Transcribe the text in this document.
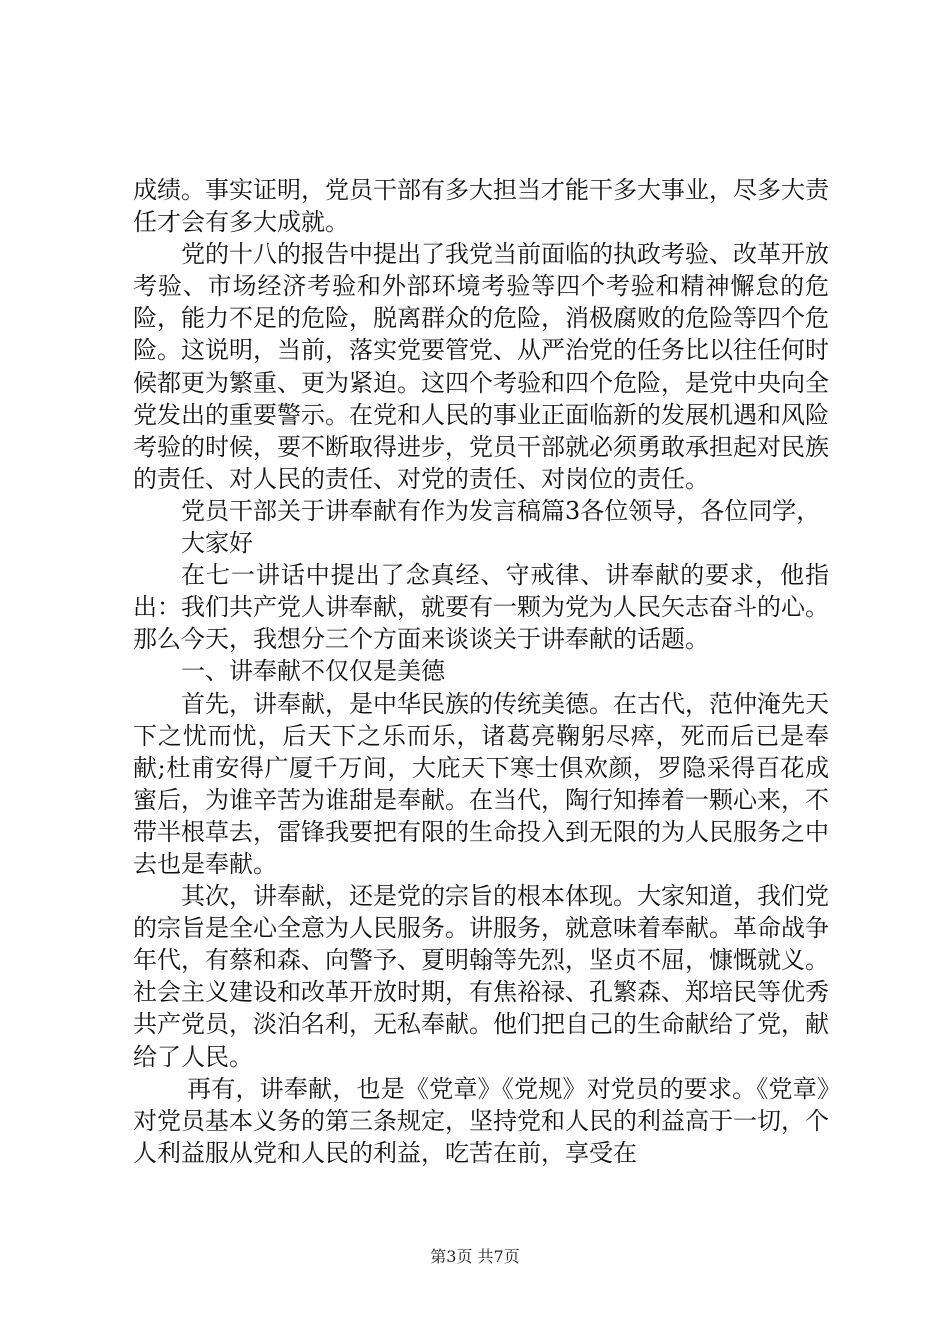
成绩。事实证明，党员干部有多大担当才能干多大事业，尽多大责任才会有多大成就。

党的十八的报告中提出了我党当前面临的执政考验、改革开放考验、市场经济考验和外部环境考验等四个考验和精神懈怠的危险，能力不足的危险，脱离群众的危险，消极腐败的危险等四个危险。这说明，当前，落实党要管党、从严治党的任务比以往任何时候都更为繁重、更为紧迫。这四个考验和四个危险，是党中央向全党发出的重要警示。在党和人民的事业正面临新的发展机遇和风险考验的时候，要不断取得进步，党员干部就必须勇敢承担起对民族的责任、对人民的责任、对党的责任、对岗位的责任。

党员干部关于讲奉献有作为发言稿篇3各位领导，各位同学，

大家好

在七一讲话中提出了念真经、守戒律、讲奉献的要求，他指出：我们共产党人讲奉献，就要有一颗为党为人民矢志奋斗的心。那么今天，我想分三个方面来谈谈关于讲奉献的话题。

一、讲奉献不仅仅是美德

首先，讲奉献，是中华民族的传统美德。在古代，范仲淹先天下之忧而忧，后天下之乐而乐，诸葛亮鞠躬尽瘁，死而后已是奉献;杜甫安得广厦千万间，大庇天下寒士俱欢颜，罗隐采得百花成蜜后，为谁辛苦为谁甜是奉献。在当代，陶行知捧着一颗心来，不带半根草去，雷锋我要把有限的生命投入到无限的为人民服务之中去也是奉献。

其次，讲奉献，还是党的宗旨的根本体现。大家知道，我们党的宗旨是全心全意为人民服务。讲服务，就意味着奉献。革命战争年代，有蔡和森、向警予、夏明翰等先烈，坚贞不屈，慷慨就义。社会主义建设和改革开放时期，有焦裕禄、孔繁森、郑培民等优秀共产党员，淡泊名利，无私奉献。他们把自己的生命献给了党，献给了人民。

再有，讲奉献，也是《党章》《党规》对党员的要求。《党章》对党员基本义务的第三条规定，坚持党和人民的利益高于一切，个人利益服从党和人民的利益，吃苦在前，享受在

第3页 共7页
